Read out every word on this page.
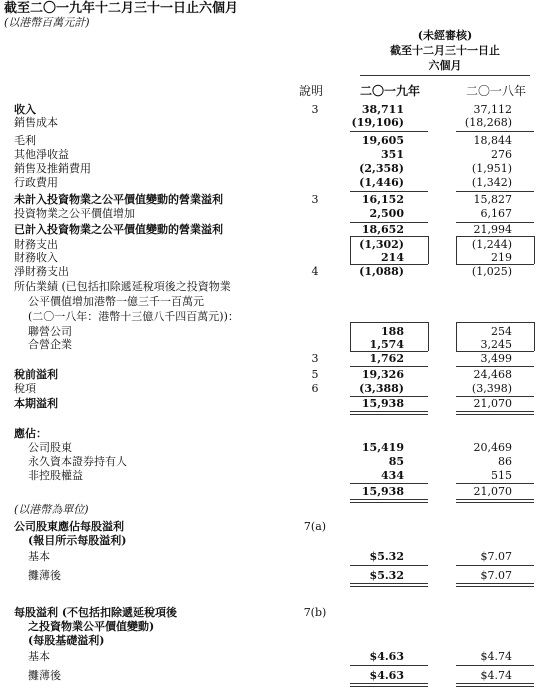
截至二〇一九年十二月三十一日止六個月
(以港幣百萬元計)
(未經審核)
截至十二月三十一日止
六個月
說明	二〇一九年	二〇一八年
收入	3	38,711	37,112
銷售成本	(19,106)	(18,268)
毛利	19,605	18,844
其他淨收益	351	276
銷售及推銷費用	(2,358)	(1,951)
行政費用	(1,446)	(1,342)
未計入投資物業之公平價值變動的營業溢利	3	16,152	15,827
投資物業之公平價值增加	2,500	6,167
已計入投資物業之公平價值變動的營業溢利	18,652	21,994
財務支出	(1,302)	(1,244)
財務收入	214	219
淨財務支出	4	(1,088)	(1,025)
所佔業績 (已包括扣除遞延稅項後之投資物業
公平價值增加港幣一億三千一百萬元
(二〇一八年：港幣十三億八千四百萬元))：
聯營公司	188	254
合營企業	1,574	3,245
3	1,762	3,499
稅前溢利	5	19,326	24,468
稅項	6	(3,388)	(3,398)
本期溢利	15,938	21,070
應佔：
公司股東	15,419	20,469
永久資本證券持有人	85	86
非控股權益	434	515
15,938	21,070
(以港幣為單位)
公司股東應佔每股溢利	7(a)
(報目所示每股溢利)
基本	$5.32	$7.07
攤薄後	$5.32	$7.07
每股溢利 (不包括扣除遞延稅項後	7(b)
之投資物業公平價值變動)
(每股基礎溢利)
基本	$4.63	$4.74
攤薄後	$4.63	$4.74
